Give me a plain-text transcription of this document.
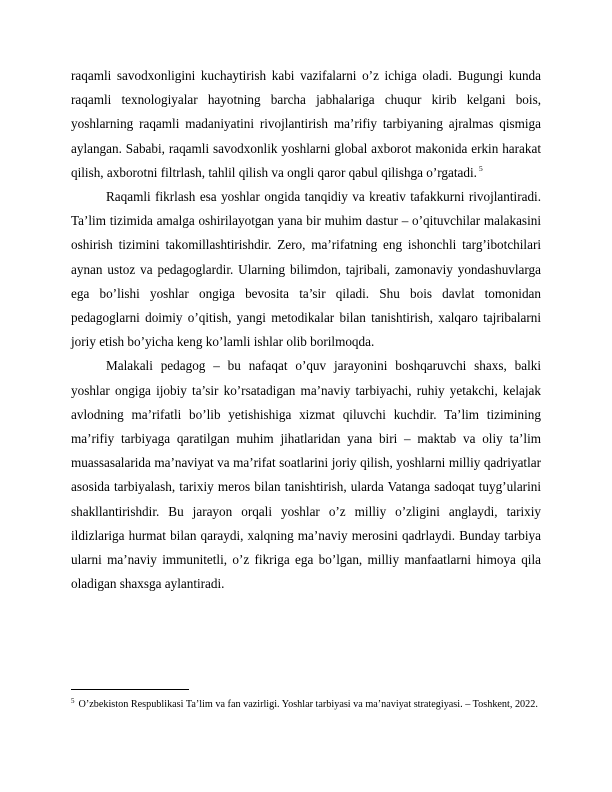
raqamli savodxonligini kuchaytirish kabi vazifalarni o’z ichiga oladi. Bugungi kunda raqamli texnologiyalar hayotning barcha jabhalariga chuqur kirib kelgani bois, yoshlarning raqamli madaniyatini rivojlantirish ma’rifiy tarbiyaning ajralmas qismiga aylangan. Sababi, raqamli savodxonlik yoshlarni global axborot makonida erkin harakat qilish, axborotni filtrlash, tahlil qilish va ongli qaror qabul qilishga o’rgatadi. $^5$

Raqamli fikrlash esa yoshlar ongida tanqidiy va kreativ tafakkurni rivojlantiradi. Ta’lim tizimida amalga oshirilayotgan yana bir muhim dastur – o’qituvchilar malakasini oshirish tizimini takomillashtirishdir. Zero, ma’rifatning eng ishonchli targ’ibotchilari aynan ustoz va pedagoglardir. Ularning bilimdon, tajribali, zamonaviy yondashuvlarga ega bo’lishi yoshlar ongiga bevosita ta’sir qiladi. Shu bois davlat tomonidan pedagoglarni doimiy o’qitish, yangi metodikalar bilan tanishtirish, xalqaro tajribalarni joriy etish bo’yicha keng ko’lamli ishlar olib borilmoqda.

Malakali pedagog – bu nafaqat o’quv jarayonini boshqaruvchi shaxs, balki yoshlar ongiga ijobiy ta’sir ko’rsatadigan ma’naviy tarbiyachi, ruhiy yetakchi, kelajak avlodning ma’rifatli bo’lib yetishishiga xizmat qiluvchi kuchdir. Ta’lim tizimining ma’rifiy tarbiyaga qaratilgan muhim jihatlaridan yana biri – maktab va oliy ta’lim muassasalarida ma’naviyat va ma’rifat soatlarini joriy qilish, yoshlarni milliy qadriyatlar asosida tarbiyalash, tarixiy meros bilan tanishtirish, ularda Vatanga sadoqat tuyg’ularini shakllantirishdir. Bu jarayon orqali yoshlar o’z milliy o’zligini anglaydi, tarixiy ildizlariga hurmat bilan qaraydi, xalqning ma’naviy merosini qadrlaydi. Bunday tarbiya ularni ma’naviy immunitetli, o’z fikriga ega bo’lgan, milliy manfaatlarni himoya qila oladigan shaxsga aylantiradi.

$^5$ O’zbekiston Respublikasi Ta’lim va fan vazirligi. Yoshlar tarbiyasi va ma’naviyat strategiyasi. – Toshkent, 2022.
